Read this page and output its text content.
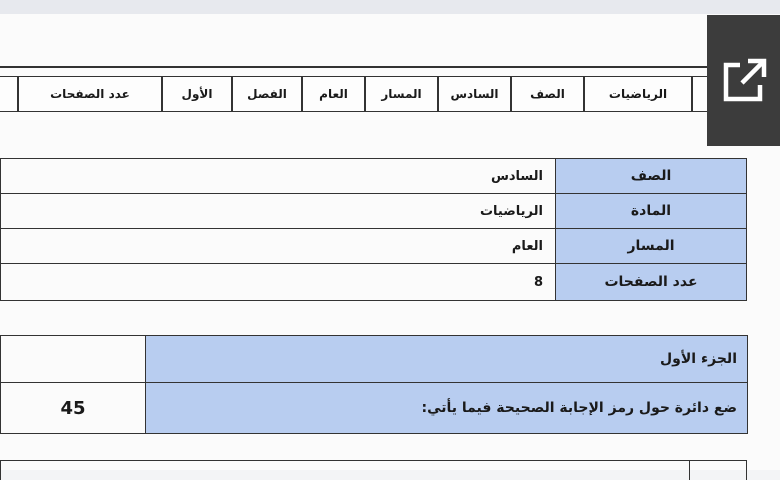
الرياضيات
الصف
السادس
المسار
العام
الفصل
الأول
عدد الصفحات
الصف
السادس
المادة
الرياضيات
المسار
العام
عدد الصفحات
8
الجزء الأول
ضع دائرة حول رمز الإجابة الصحيحة فيما يأتي:
45
